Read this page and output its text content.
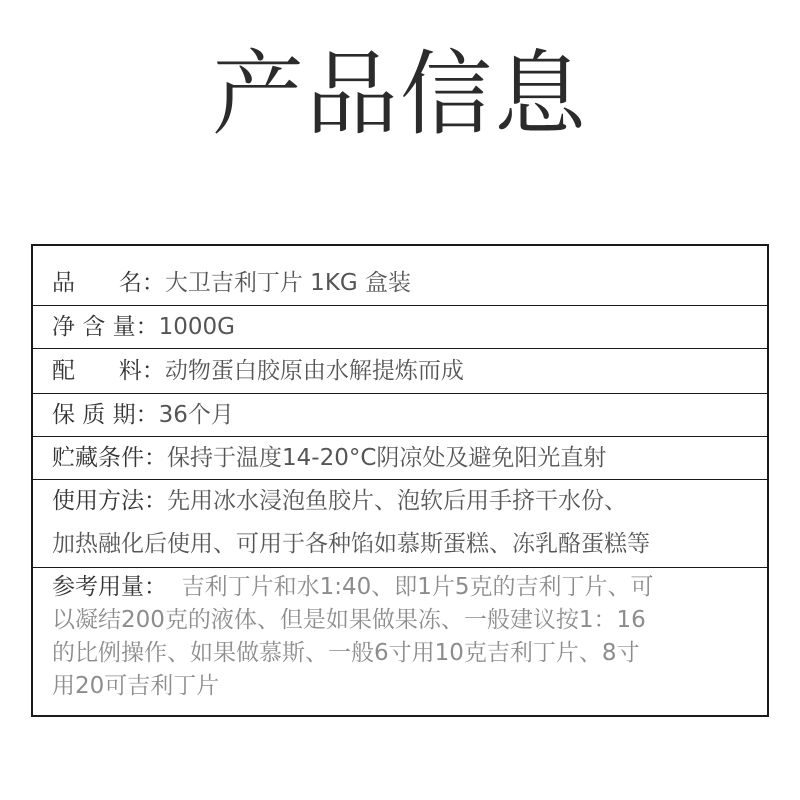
产品信息
品      名：大卫吉利丁片 1KG 盒装
净 含 量：1000G
配      料：动物蛋白胶原由水解提炼而成
保 质 期：36个月
贮藏条件：保持于温度14-20°C阴凉处及避免阳光直射
使用方法：先用冰水浸泡鱼胶片、泡软后用手挤干水份、
加热融化后使用、可用于各种馅如慕斯蛋糕、冻乳酪蛋糕等
参考用量：  吉利丁片和水1:40、即1片5克的吉利丁片、可
以凝结200克的液体、但是如果做果冻、一般建议按1：16
的比例操作、如果做慕斯、一般6寸用10克吉利丁片、8寸
用20可吉利丁片
